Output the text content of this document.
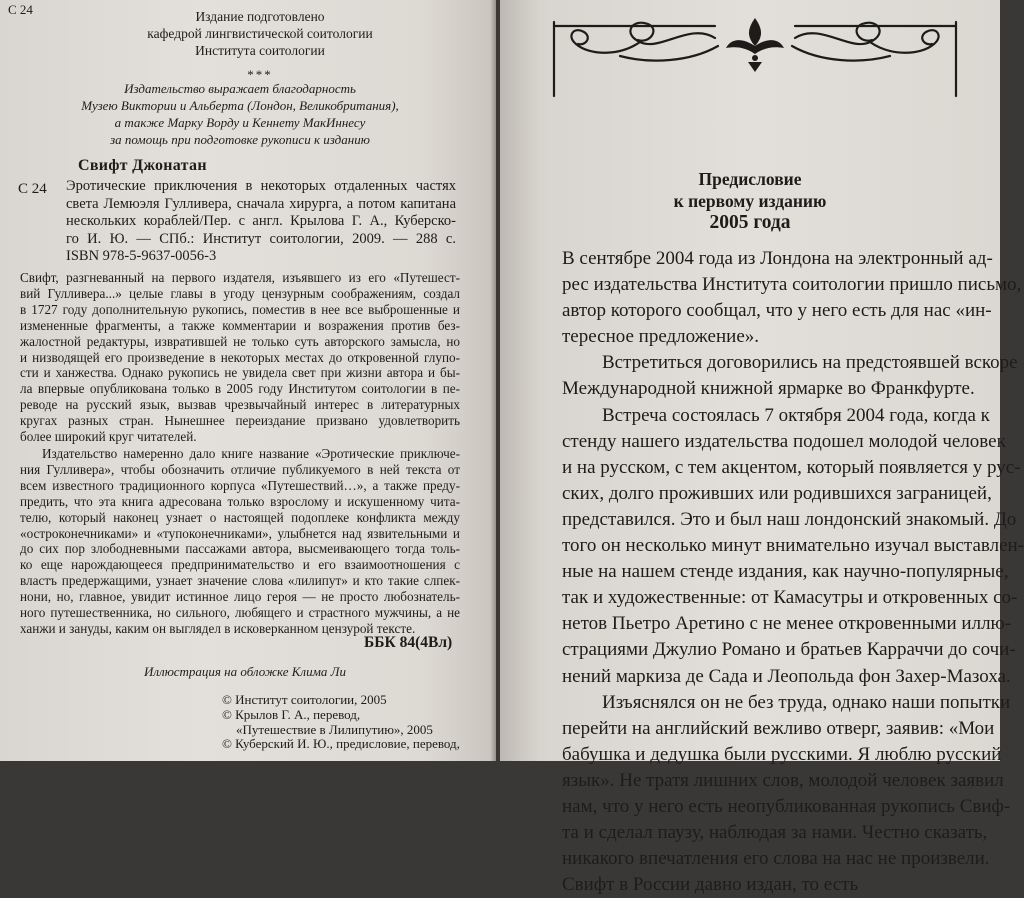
С 24	Издание подготовлено
кафедрой лингвистической соитологии
Института соитологии
***
Издательство выражает благодарность
Музею Виктории и Альберта (Лондон, Великобритания),
а также Марку Ворду и Кеннету МакИннесу
за помощь при подготовке рукописи к изданию
Свифт Джонатан
С 24 Эротические приключения в некоторых отдаленных частях
света Лемюэля Гулливера, сначала хирурга, а потом капитана
нескольких кораблей/Пер. с англ. Крылова Г. А., Куберско-
го И. Ю. — СПб.: Институт соитологии, 2009. — 288 с.
ISBN 978-5-9637-0056-3
Свифт, разгневанный на первого издателя, изъявшего из его «Путешест-
вий Гулливера...» целые главы в угоду цензурным соображениям, создал
в 1727 году дополнительную рукопись, поместив в нее все выброшенные и
измененные фрагменты, а также комментарии и возражения против без-
жалостной редактуры, извратившей не только суть авторского замысла, но
и низводящей его произведение в некоторых местах до откровенной глупо-
сти и ханжества. Однако рукопись не увидела свет при жизни автора и бы-
ла впервые опубликована только в 2005 году Институтом соитологии в пе-
реводе на русский язык, вызвав чрезвычайный интерес в литературных
кругах разных стран. Нынешнее переиздание призвано удовлетворить
более широкий круг читателей.
Издательство намеренно дало книге название «Эротические приключе-
ния Гулливера», чтобы обозначить отличие публикуемого в ней текста от
всем известного традиционного корпуса «Путешествий…», а также преду-
предить, что эта книга адресована только взрослому и искушенному чита-
телю, который наконец узнает о настоящей подоплеке конфликта между
«остроконечниками» и «тупоконечниками», улыбнется над язвительными и
до сих пор злободневными пассажами автора, высмеивающего тогда толь-
ко еще нарождающееся предпринимательство и его взаимоотношения с
властъ предержащими, узнает значение слова «лилипут» и кто такие слпек-
нони, но, главное, увидит истинное лицо героя — не просто любознатель-
ного путешественника, но сильного, любящего и страстного мужчины, а не
ханжи и зануды, каким он выглядел в исковерканном цензурой тексте.
ББК 84(4Вл)
Иллюстрация на обложке Клима Ли
© Институт соитологии, 2005
© Крылов Г. А., перевод,
«Путешествие в Лилипутию», 2005
© Куберский И. Ю., предисловие, перевод,
Предисловие
к первому изданию
2005 года
В сентябре 2004 года из Лондона на электронный ад-
рес издательства Института соитологии пришло письмо,
автор которого сообщал, что у него есть для нас «ин-
тересное предложение».
Встретиться договорились на предстоявшей вскоре
Международной книжной ярмарке во Франкфурте.
Встреча состоялась 7 октября 2004 года, когда к
стенду нашего издательства подошел молодой человек
и на русском, с тем акцентом, который появляется у рус-
ских, долго проживших или родившихся заграницей,
представился. Это и был наш лондонский знакомый. До
того он несколько минут внимательно изучал выставлен-
ные на нашем стенде издания, как научно-популярные,
так и художественные: от Камасутры и откровенных со-
нетов Пьетро Аретино с не менее откровенными иллю-
страциями Джулио Романо и братьев Карраччи до сочи-
нений маркиза де Сада и Леопольда фон Захер-Мазоха.
Изъяснялся он не без труда, однако наши попытки
перейти на английский вежливо отверг, заявив: «Мои
бабушка и дедушка были русскими. Я люблю русский
язык». Не тратя лишних слов, молодой человек заявил
нам, что у него есть неопубликованная рукопись Свиф-
та и сделал паузу, наблюдая за нами. Честно сказать,
никакого впечатления его слова на нас не произвели.
Свифт в России давно издан, то есть
